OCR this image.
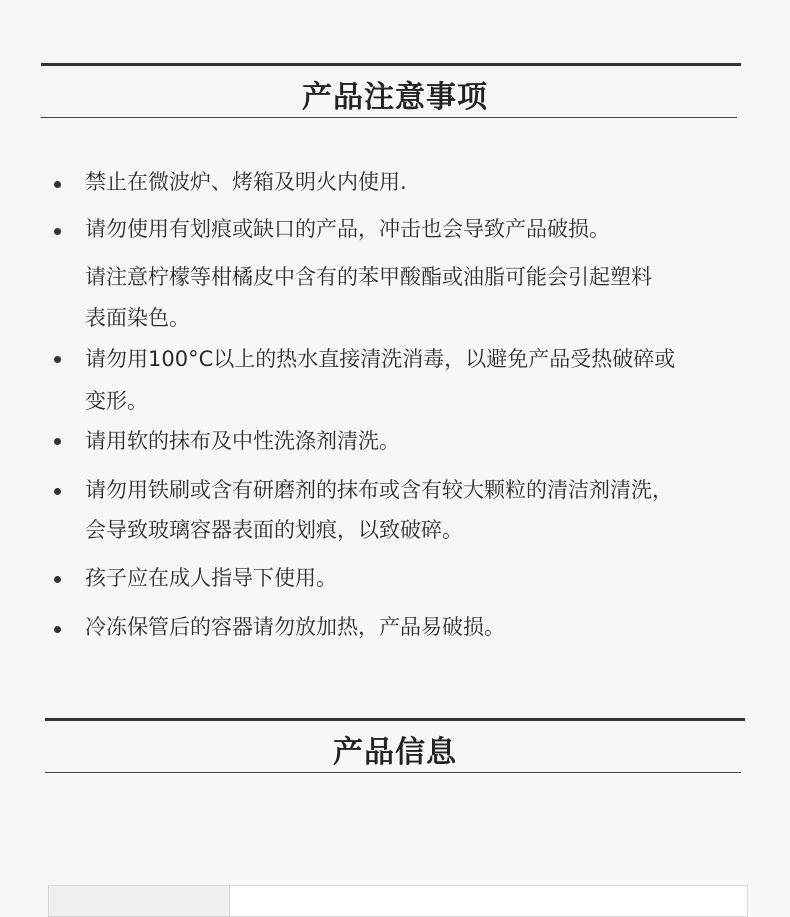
产品注意事项
禁止在微波炉、烤箱及明火内使用.
请勿使用有划痕或缺口的产品，冲击也会导致产品破损。
请注意柠檬等柑橘皮中含有的苯甲酸酯或油脂可能会引起塑料
表面染色。
请勿用100°C以上的热水直接清洗消毒，以避免产品受热破碎或
变形。
请用软的抹布及中性洗涤剂清洗。
请勿用铁刷或含有研磨剂的抹布或含有较大颗粒的清洁剂清洗，
会导致玻璃容器表面的划痕，以致破碎。
孩子应在成人指导下使用。
冷冻保管后的容器请勿放加热，产品易破损。
产品信息
